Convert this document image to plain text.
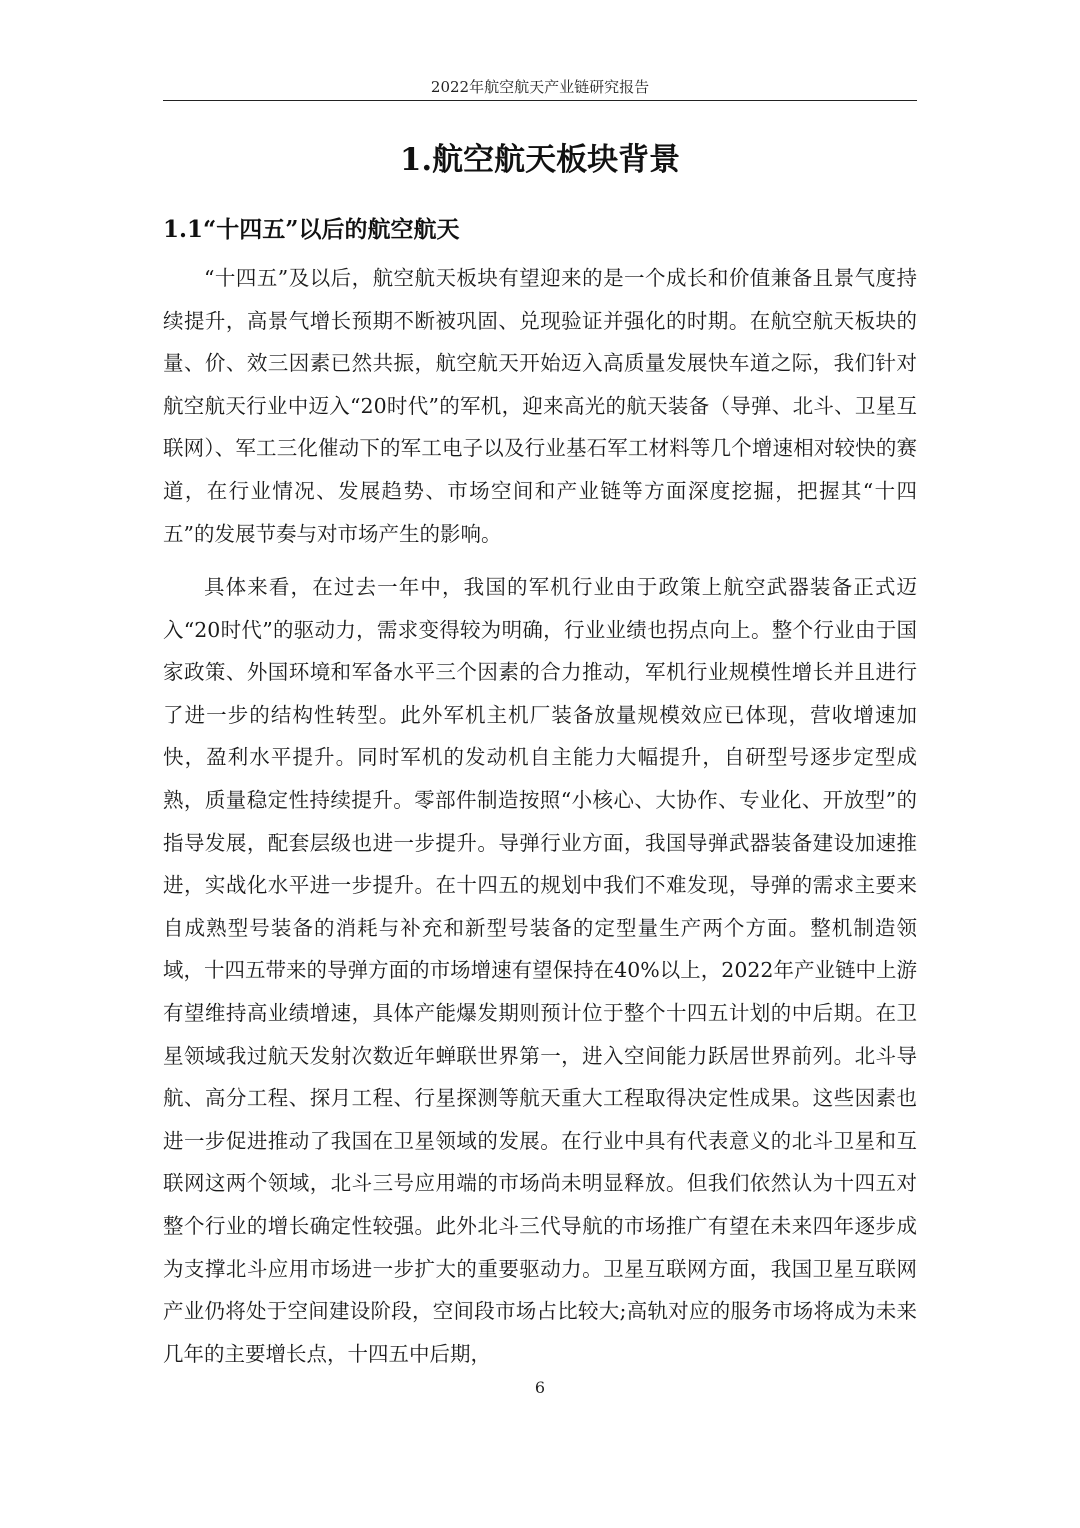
2022年航空航天产业链研究报告
1.航空航天板块背景
1.1“十四五”以后的航空航天

“十四五”及以后，航空航天板块有望迎来的是一个成长和价值兼备且景气度持续提升，高景气增长预期不断被巩固、兑现验证并强化的时期。在航空航天板块的量、价、效三因素已然共振，航空航天开始迈入高质量发展快车道之际，我们针对航空航天行业中迈入“20时代”的军机，迎来高光的航天装备（导弹、北斗、卫星互联网）、军工三化催动下的军工电子以及行业基石军工材料等几个增速相对较快的赛道，在行业情况、发展趋势、市场空间和产业链等方面深度挖掘，把握其“十四五”的发展节奏与对市场产生的影响。

具体来看，在过去一年中，我国的军机行业由于政策上航空武器装备正式迈入“20时代”的驱动力，需求变得较为明确，行业业绩也拐点向上。整个行业由于国家政策、外国环境和军备水平三个因素的合力推动，军机行业规模性增长并且进行了进一步的结构性转型。此外军机主机厂装备放量规模效应已体现，营收增速加快，盈利水平提升。同时军机的发动机自主能力大幅提升，自研型号逐步定型成熟，质量稳定性持续提升。零部件制造按照“小核心、大协作、专业化、开放型”的指导发展，配套层级也进一步提升。导弹行业方面，我国导弹武器装备建设加速推进，实战化水平进一步提升。在十四五的规划中我们不难发现，导弹的需求主要来自成熟型号装备的消耗与补充和新型号装备的定型量生产两个方面。整机制造领域，十四五带来的导弹方面的市场增速有望保持在40%以上，2022年产业链中上游有望维持高业绩增速，具体产能爆发期则预计位于整个十四五计划的中后期。在卫星领域我过航天发射次数近年蝉联世界第一，进入空间能力跃居世界前列。北斗导航、高分工程、探月工程、行星探测等航天重大工程取得决定性成果。这些因素也进一步促进推动了我国在卫星领域的发展。在行业中具有代表意义的北斗卫星和互联网这两个领域，北斗三号应用端的市场尚未明显释放。但我们依然认为十四五对整个行业的增长确定性较强。此外北斗三代导航的市场推广有望在未来四年逐步成为支撑北斗应用市场进一步扩大的重要驱动力。卫星互联网方面，我国卫星互联网产业仍将处于空间建设阶段，空间段市场占比较大;高轨对应的服务市场将成为未来几年的主要增长点，十四五中后期，

6
